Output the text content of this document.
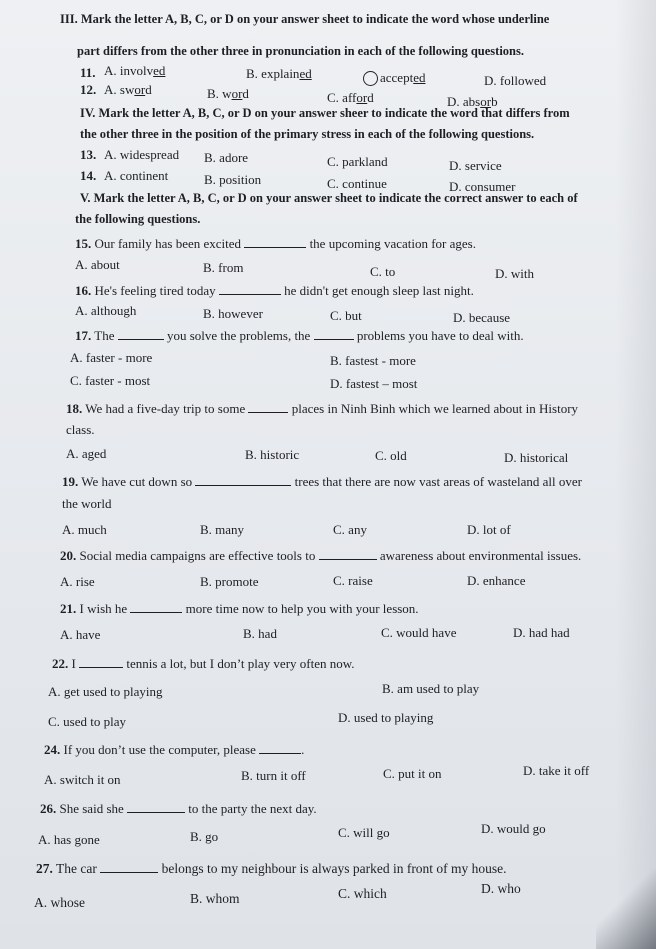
III. Mark the letter A, B, C, or D on your answer sheet to indicate the word whose underline
part differs from the other three in pronunciation in each of the following questions.
11. A. involved	B. explained	accepted	D. followed
12. A. sword	B. word	C. afford	D. absorb
IV. Mark the letter A, B, C, or D on your answer sheer to indicate the word that differs from
the other three in the position of the primary stress in each of the following questions.
13. A. widespread B. adore	C. parkland	D. service
14. A. continent	B. position	C. continue	D. consumer
V. Mark the letter A, B, C, or D on your answer sheet to indicate the correct answer to each of
the following questions.
15. Our family has been excited	the upcoming vacation for ages.
A. about	B. from	C. to	D. with
16. He's feeling tired today	he didn't get enough sleep last night.
A. although	B. however	C. but	D. because
17. The	you solve the problems, the	problems you have to deal with.
A. faster - more	B. fastest - more
C. faster - most	D. fastest – most
18. We had a five-day trip to some	places in Ninh Binh which we learned about in History
class.
A. aged	B. historic	C. old	D. historical
19. We have cut down so	trees that there are now vast areas of wasteland all over
the world
A. much	B. many	C. any	D. lot of
20. Social media campaigns are effective tools to	awareness about environmental issues.
A. rise	B. promote	C. raise	D. enhance
21. I wish he	more time now to help you with your lesson.
A. have	B. had	C. would have	D. had had
22. I	tennis a lot, but I don’t play very often now.
A. get used to playing	B. am used to play
C. used to play	D. used to playing
24. If you don’t use the computer, please	.
A. switch it on	B. turn it off	C. put it on	D. take it off
26. She said she	to the party the next day.
A. has gone	B. go	C. will go	D. would go
27. The car	belongs to my neighbour is always parked in front of my house.
A. whose	B. whom	C. which	D. who
